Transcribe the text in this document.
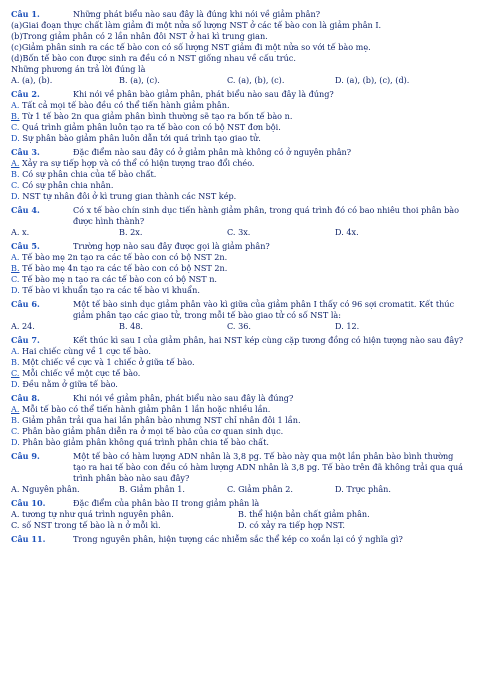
Câu 1.	Những phát biểu nào sau đây là đúng khi nói về giảm phân?
(a)Giai đoạn thực chất làm giảm đi một nửa số lượng NST ở các tế bào con là giảm phân I.
(b)Trong giảm phân có 2 lần nhân đôi NST ở hai kì trung gian.
(c)Giảm phân sinh ra các tế bào con có số lượng NST giảm đi một nửa so với tế bào mẹ.
(d)Bốn tế bào con được sinh ra đều có n NST giống nhau về cấu trúc.
Những phương án trả lời đúng là
A. (a), (b).	B. (a), (c).	C. (a), (b), (c).	D. (a), (b), (c), (d).
Câu 2.	Khi nói về phân bào giảm phân, phát biểu nào sau đây là đúng?
A. Tất cả mọi tế bào đều có thể tiến hành giảm phân.
B. Từ 1 tế bào 2n qua giảm phân bình thường sẽ tạo ra bốn tế bào n.
C. Quá trình giảm phân luôn tạo ra tế bào con có bộ NST đơn bội.
D. Sự phân bào giảm phân luôn dẫn tới quá trình tạo giao tử.
Câu 3.	Đặc điểm nào sau đây có ở giảm phân mà không có ở nguyên phân?
A. Xảy ra sự tiếp hợp và có thể có hiện tượng trao đổi chéo.
B. Có sự phân chia của tế bào chất.
C. Có sự phân chia nhân.
D. NST tự nhân đôi ở kì trung gian thành các NST kép.
Câu 4.	Có x tế bào chín sinh dục tiến hành giảm phân, trong quá trình đó có bao nhiêu thoi phân bào được hình thành?
A. x.	B. 2x.	C. 3x.	D. 4x.
Câu 5.	Trường hợp nào sau đây được gọi là giảm phân?
A. Tế bào mẹ 2n tạo ra các tế bào con có bộ NST 2n.
B. Tế bào mẹ 4n tạo ra các tế bào con có bộ NST 2n.
C. Tế bào mẹ n tạo ra các tế bào con có bộ NST n.
D. Tế bào vi khuẩn tạo ra các tế bào vi khuẩn.
Câu 6.	Một tế bào sinh dục giảm phân vào kì giữa của giảm phân I thấy có 96 sợi cromatit. Kết thúc giảm phân tạo các giao tử, trong mỗi tế bào giao tử có số NST là:
A. 24.	B. 48.	C. 36.	D. 12.
Câu 7.	Kết thúc kì sau I của giảm phân, hai NST kép cùng cặp tương đồng có hiện tượng nào sau đây?
A. Hai chiếc cùng về 1 cực tế bào.
B. Một chiếc về cực và 1 chiếc ở giữa tế bào.
C. Mỗi chiếc về một cực tế bào.
D. Đều nằm ở giữa tế bào.
Câu 8.	Khi nói về giảm phân, phát biểu nào sau đây là đúng?
A. Mỗi tế bào có thể tiến hành giảm phân 1 lần hoặc nhiều lần.
B. Giảm phân trải qua hai lần phân bào nhưng NST chỉ nhân đôi 1 lần.
C. Phân bào giảm phân diễn ra ở mọi tế bào của cơ quan sinh dục.
D. Phân bào giảm phân không quá trình phân chia tế bào chất.
Câu 9.	Một tế bào có hàm lượng ADN nhân là 3,8 pg. Tế bào này qua một lần phân bào bình thường tạo ra hai tế bào con đều có hàm lượng ADN nhân là 3,8 pg. Tế bào trên đã không trải qua quá trình phân bào nào sau đây?
A. Nguyên phân.	B. Giảm phân 1.	C. Giảm phân 2.	D. Trực phân.
Câu 10.	Đặc điểm của phân bào II trong giảm phân là
A. tương tự như quá trình nguyên phân.	B. thể hiện bản chất giảm phân.
C. số NST trong tế bào là n ở mỗi kì.	D. có xảy ra tiếp hợp NST.
Câu 11.	Trong nguyên phân, hiện tượng các nhiễm sắc thể kép co xoắn lại có ý nghĩa gì?
